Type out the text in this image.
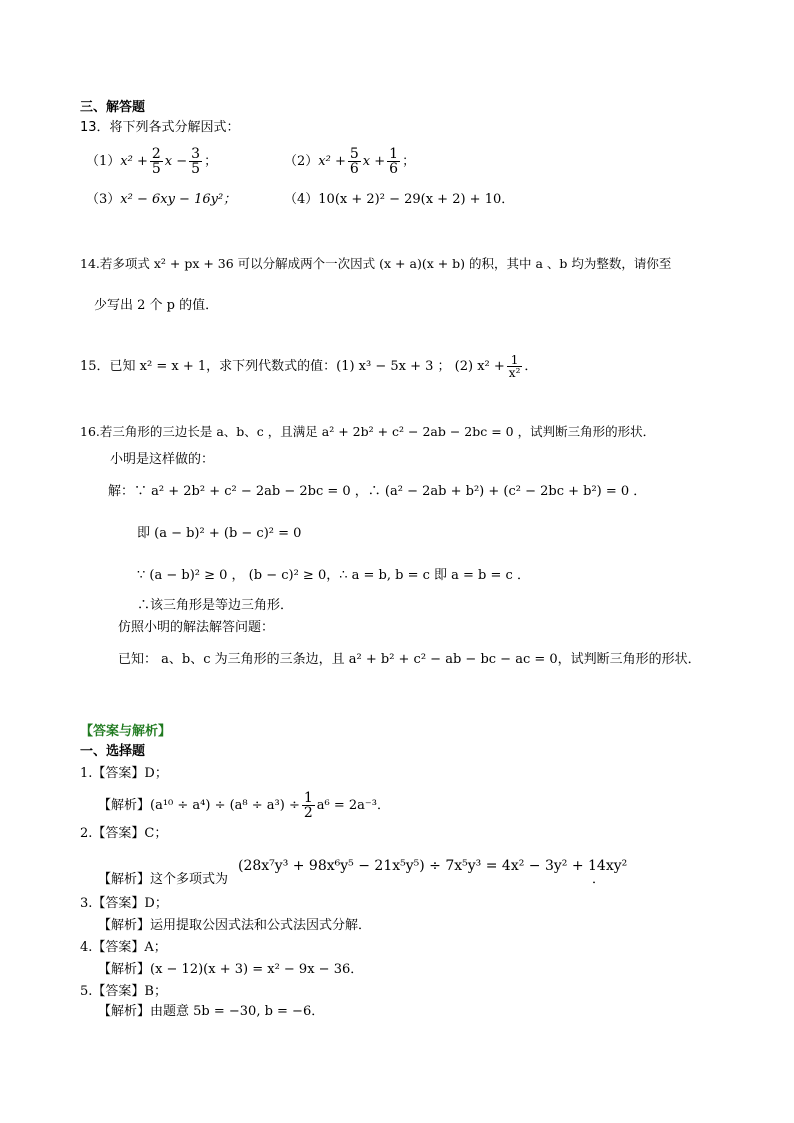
三、解答题
13．将下列各式分解因式：
$(1)x^2 + \frac{2}{5}$ $x - \frac{3}{5}$ ；	$(2)x^2 + \frac{5}{6}$ $x + \frac{1}{6}$ ；
（3）x² − 6xy − 16y²；	（4）10(x + 2)² − 29(x + 2) + 10．
14.若多项式 x² + px + 36 可以分解成两个一次因式 (x + a)(x + b) 的积，其中 a 、b 均为整数，请你至
少写出 2 个 p 的值．
15．已知 x² = x + 1，求下列代数式的值：(1) x³ − 5x + 3 ； (2) $x^2 + \frac{1}{\text{x²}}$ ．
16.若三角形的三边长是 a、b、c ，且满足 a² + 2b² + c² − 2ab − 2bc = 0 ，试判断三角形的形状．
小明是这样做的：
解：∵ a² + 2b² + c² − 2ab − 2bc = 0 ，∴ (a² − 2ab + b²) + (c² − 2bc + b²) = 0 ．
即 (a − b)² + (b − c)² = 0
∵ (a − b)² ≥ 0 ， (b − c)² ≥ 0，∴ a = b, b = c 即 a = b = c ．
∴该三角形是等边三角形．
仿照小明的解法解答问题：
已知： a、b、c 为三角形的三条边，且 a² + b² + c² − ab − bc − ac = 0，试判断三角形的形状．
【答案与解析】
一、选择题
1.【答案】D；
【解析】$(a^{10} \div a^4) \div (a^8 \div a^3) \div \frac{1}{2} a^6 = 2a^{-3}$．
2.【答案】C；
【解析】这个多项式为
(28x⁷y³ + 98x⁶y⁵ − 21x⁵y⁵) ÷ 7x⁵y³ = 4x² − 3y² + 14xy²
．
3.【答案】D；
【解析】运用提取公因式法和公式法因式分解．
4.【答案】A；
【解析】(x − 12)(x + 3) = x² − 9x − 36．
5.【答案】B；
【解析】由题意 5b = −30, b = −6．
